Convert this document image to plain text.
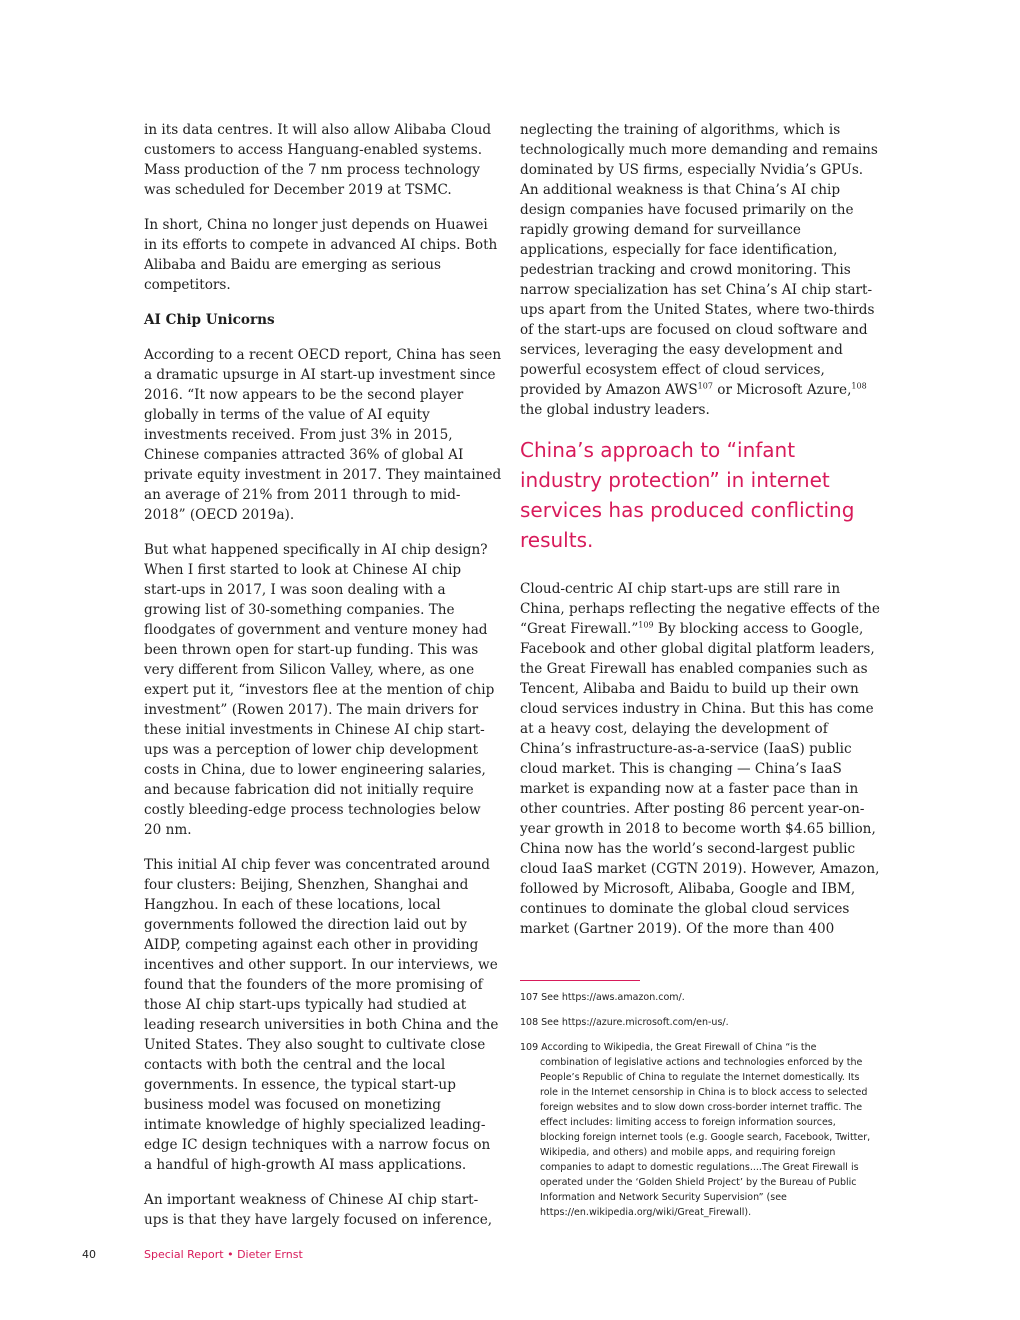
in its data centres. It will also allow Alibaba Cloud customers to access Hanguang-enabled systems. Mass production of the 7 nm process technology was scheduled for December 2019 at TSMC.

In short, China no longer just depends on Huawei in its efforts to compete in advanced AI chips. Both Alibaba and Baidu are emerging as serious competitors.

AI Chip Unicorns

According to a recent OECD report, China has seen a dramatic upsurge in AI start-up investment since 2016. “It now appears to be the second player globally in terms of the value of AI equity investments received. From just 3% in 2015, Chinese companies attracted 36% of global AI private equity investment in 2017. They maintained an average of 21% from 2011 through to mid-2018” (OECD 2019a).

But what happened specifically in AI chip design? When I first started to look at Chinese AI chip start-ups in 2017, I was soon dealing with a growing list of 30-something companies. The floodgates of government and venture money had been thrown open for start-up funding. This was very different from Silicon Valley, where, as one expert put it, “investors flee at the mention of chip investment” (Rowen 2017). The main drivers for these initial investments in Chinese AI chip start-ups was a perception of lower chip development costs in China, due to lower engineering salaries, and because fabrication did not initially require costly bleeding-edge process technologies below 20 nm.

This initial AI chip fever was concentrated around four clusters: Beijing, Shenzhen, Shanghai and Hangzhou. In each of these locations, local governments followed the direction laid out by AIDP, competing against each other in providing incentives and other support. In our interviews, we found that the founders of the more promising of those AI chip start-ups typically had studied at leading research universities in both China and the United States. They also sought to cultivate close contacts with both the central and the local governments. In essence, the typical start-up business model was focused on monetizing intimate knowledge of highly specialized leading-edge IC design techniques with a narrow focus on a handful of high-growth AI mass applications.

An important weakness of Chinese AI chip start-ups is that they have largely focused on inference,

neglecting the training of algorithms, which is technologically much more demanding and remains dominated by US firms, especially Nvidia’s GPUs. An additional weakness is that China’s AI chip design companies have focused primarily on the rapidly growing demand for surveillance applications, especially for face identification, pedestrian tracking and crowd monitoring. This narrow specialization has set China’s AI chip start-ups apart from the United States, where two-thirds of the start-ups are focused on cloud software and services, leveraging the easy development and powerful ecosystem effect of cloud services, provided by Amazon AWS$^{107}$ or Microsoft Azure,$^{108}$ the global industry leaders.

China’s approach to “infant industry protection” in internet services has produced conflicting results.

Cloud-centric AI chip start-ups are still rare in China, perhaps reflecting the negative effects of the “Great Firewall.”$^{109}$ By blocking access to Google, Facebook and other global digital platform leaders, the Great Firewall has enabled companies such as Tencent, Alibaba and Baidu to build up their own cloud services industry in China. But this has come at a heavy cost, delaying the development of China’s infrastructure-as-a-service (IaaS) public cloud market. This is changing — China’s IaaS market is expanding now at a faster pace than in other countries. After posting 86 percent year-on-year growth in 2018 to become worth $4.65 billion, China now has the world’s second-largest public cloud IaaS market (CGTN 2019). However, Amazon, followed by Microsoft, Alibaba, Google and IBM, continues to dominate the global cloud services market (Gartner 2019). Of the more than 400

107 See https://aws.amazon.com/.

108 See https://azure.microsoft.com/en-us/.

109 According to Wikipedia, the Great Firewall of China “is the combination of legislative actions and technologies enforced by the People’s Republic of China to regulate the Internet domestically. Its role in the Internet censorship in China is to block access to selected foreign websites and to slow down cross-border internet traffic. The effect includes: limiting access to foreign information sources, blocking foreign internet tools (e.g. Google search, Facebook, Twitter, Wikipedia, and others) and mobile apps, and requiring foreign companies to adapt to domestic regulations....The Great Firewall is operated under the ‘Golden Shield Project’ by the Bureau of Public Information and Network Security Supervision” (see https://en.wikipedia.org/wiki/Great_Firewall).

40	Special Report • Dieter Ernst
